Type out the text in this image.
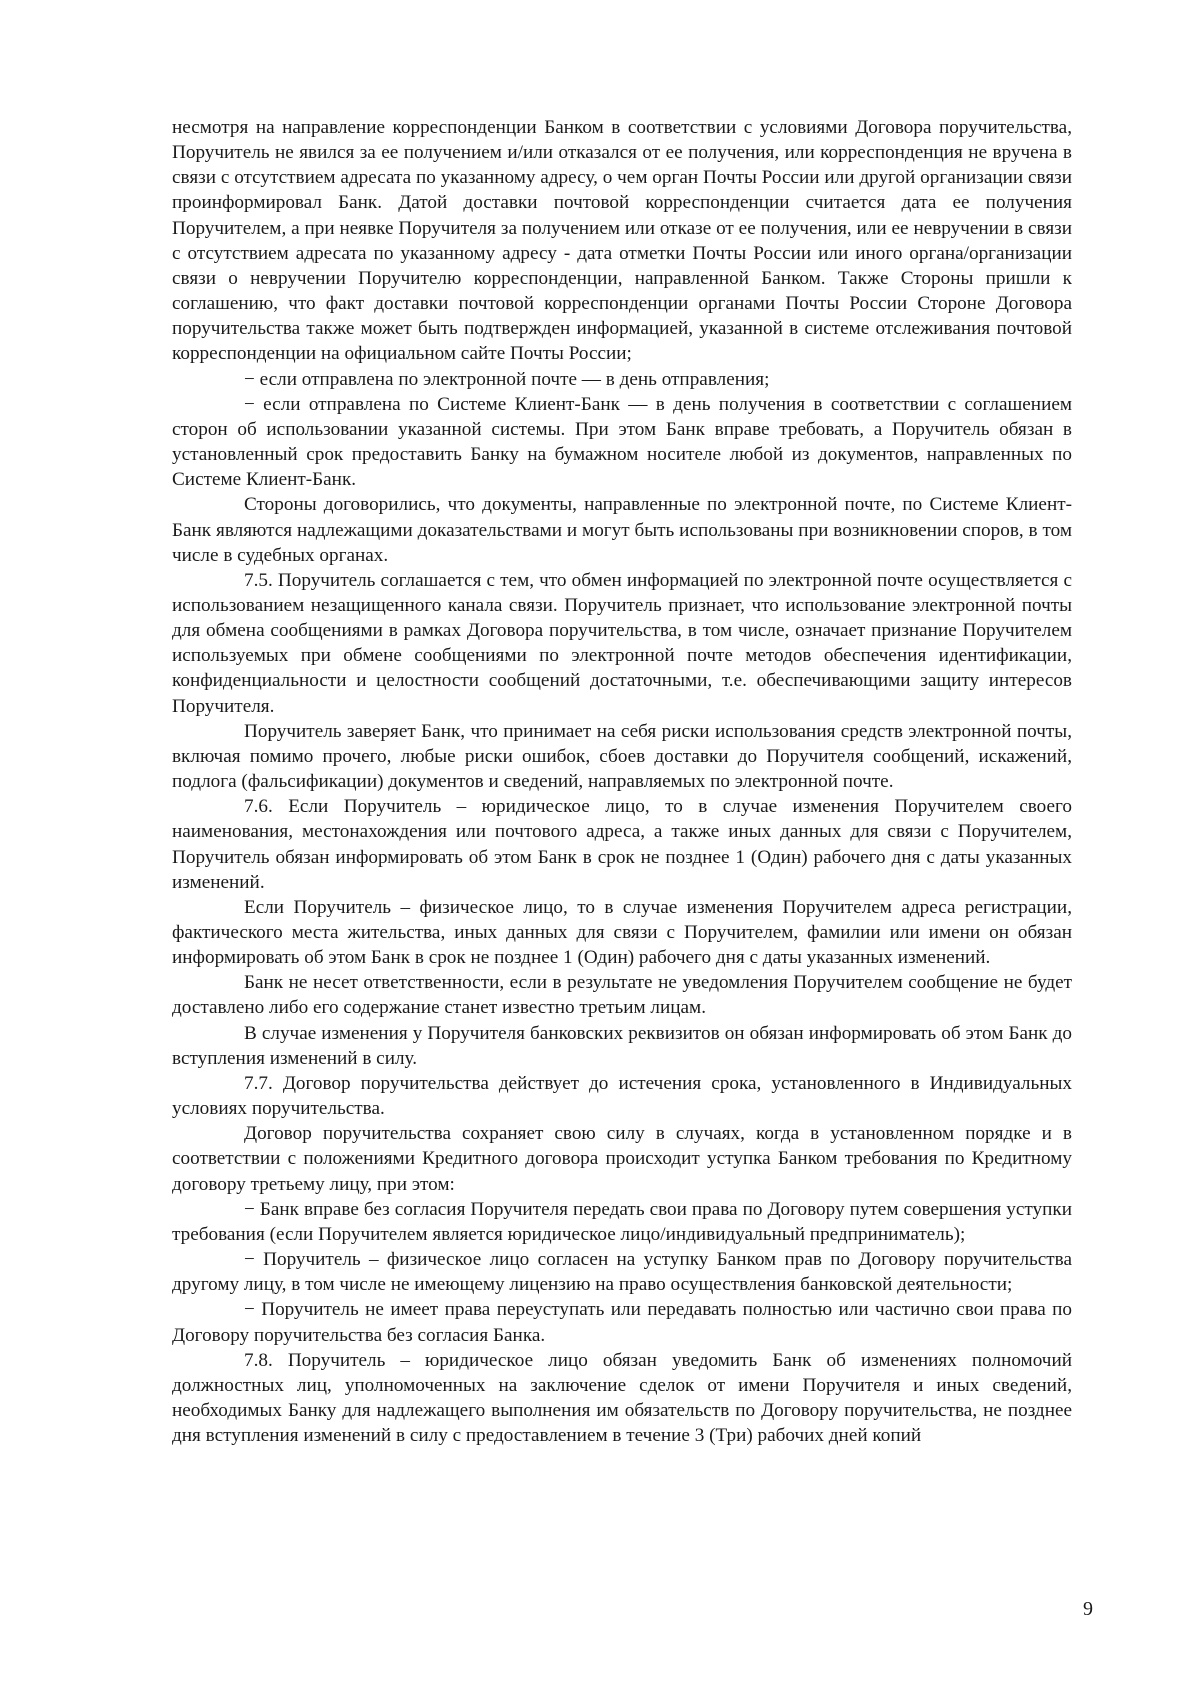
несмотря на направление корреспонденции Банком в соответствии с условиями Договора поручительства, Поручитель не явился за ее получением и/или отказался от ее получения, или корреспонденция не вручена в связи с отсутствием адресата по указанному адресу, о чем орган Почты России или другой организации связи проинформировал Банк. Датой доставки почтовой корреспонденции считается дата ее получения Поручителем, а при неявке Поручителя за получением или отказе от ее получения, или ее невручении в связи с отсутствием адресата по указанному адресу - дата отметки Почты России или иного органа/организации связи о невручении Поручителю корреспонденции, направленной Банком. Также Стороны пришли к соглашению, что факт доставки почтовой корреспонденции органами Почты России Стороне Договора поручительства также может быть подтвержден информацией, указанной в системе отслеживания почтовой корреспонденции на официальном сайте Почты России;

− если отправлена по электронной почте — в день отправления;

− если отправлена по Системе Клиент-Банк — в день получения в соответствии с соглашением сторон об использовании указанной системы. При этом Банк вправе требовать, а Поручитель обязан в установленный срок предоставить Банку на бумажном носителе любой из документов, направленных по Системе Клиент-Банк.

Стороны договорились, что документы, направленные по электронной почте, по Системе Клиент-Банк являются надлежащими доказательствами и могут быть использованы при возникновении споров, в том числе в судебных органах.

7.5. Поручитель соглашается с тем, что обмен информацией по электронной почте осуществляется с использованием незащищенного канала связи. Поручитель признает, что использование электронной почты для обмена сообщениями в рамках Договора поручительства, в том числе, означает признание Поручителем используемых при обмене сообщениями по электронной почте методов обеспечения идентификации, конфиденциальности и целостности сообщений достаточными, т.е. обеспечивающими защиту интересов Поручителя.

Поручитель заверяет Банк, что принимает на себя риски использования средств электронной почты, включая помимо прочего, любые риски ошибок, сбоев доставки до Поручителя сообщений, искажений, подлога (фальсификации) документов и сведений, направляемых по электронной почте.

7.6. Если Поручитель – юридическое лицо, то в случае изменения Поручителем своего наименования, местонахождения или почтового адреса, а также иных данных для связи с Поручителем, Поручитель обязан информировать об этом Банк в срок не позднее 1 (Один) рабочего дня с даты указанных изменений.

Если Поручитель – физическое лицо, то в случае изменения Поручителем адреса регистрации, фактического места жительства, иных данных для связи с Поручителем, фамилии или имени он обязан информировать об этом Банк в срок не позднее 1 (Один) рабочего дня с даты указанных изменений.

Банк не несет ответственности, если в результате не уведомления Поручителем сообщение не будет доставлено либо его содержание станет известно третьим лицам.

В случае изменения у Поручителя банковских реквизитов он обязан информировать об этом Банк до вступления изменений в силу.

7.7. Договор поручительства действует до истечения срока, установленного в Индивидуальных условиях поручительства.

Договор поручительства сохраняет свою силу в случаях, когда в установленном порядке и в соответствии с положениями Кредитного договора происходит уступка Банком требования по Кредитному договору третьему лицу, при этом:

− Банк вправе без согласия Поручителя передать свои права по Договору путем совершения уступки требования (если Поручителем является юридическое лицо/индивидуальный предприниматель);

− Поручитель – физическое лицо согласен на уступку Банком прав по Договору поручительства другому лицу, в том числе не имеющему лицензию на право осуществления банковской деятельности;

− Поручитель не имеет права переуступать или передавать полностью или частично свои права по Договору поручительства без согласия Банка.

7.8. Поручитель – юридическое лицо обязан уведомить Банк об изменениях полномочий должностных лиц, уполномоченных на заключение сделок от имени Поручителя и иных сведений, необходимых Банку для надлежащего выполнения им обязательств по Договору поручительства, не позднее дня вступления изменений в силу с предоставлением в течение 3 (Три) рабочих дней копий

9
